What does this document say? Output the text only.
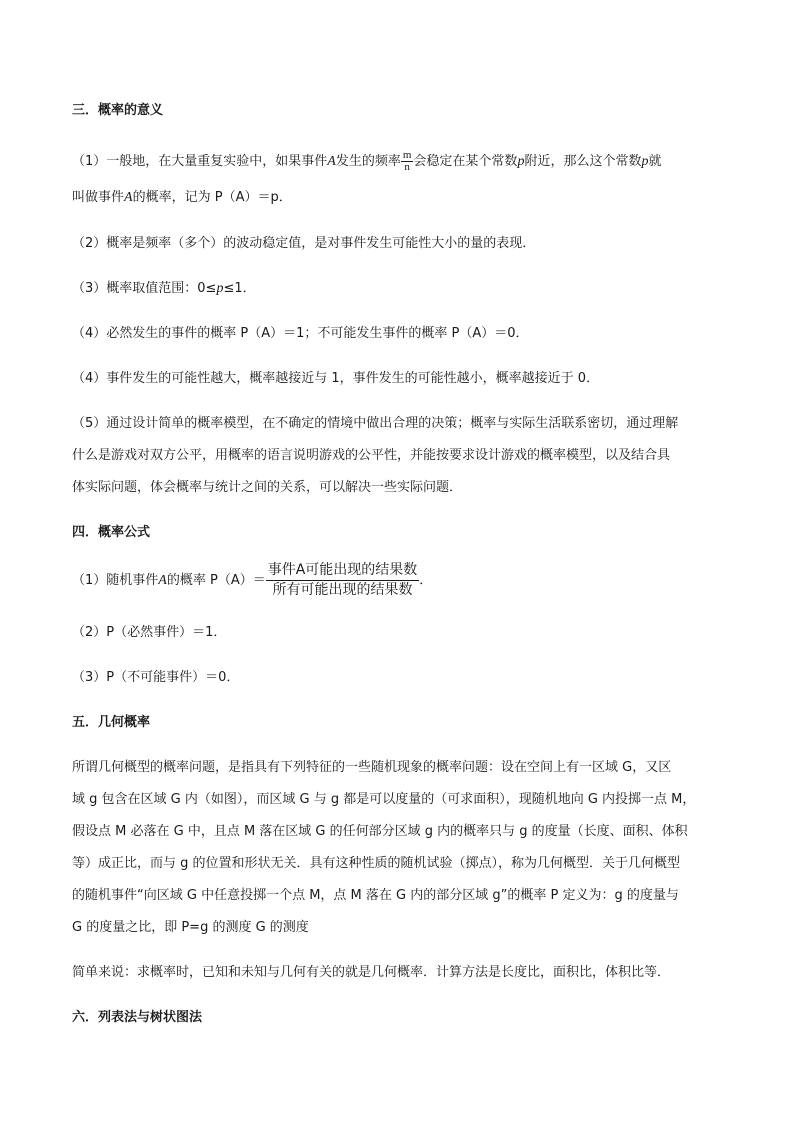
三．概率的意义
（1）一般地，在大量重复实验中，如果事件A发生的频率 $\frac{m}{n}$ 会稳定在某个常数p附近，那么这个常数p就
叫做事件A的概率，记为 P（A）＝p．
（2）概率是频率（多个）的波动稳定值，是对事件发生可能性大小的量的表现．
（3）概率取值范围：0≤p≤1．
（4）必然发生的事件的概率 P（A）＝1；不可能发生事件的概率 P（A）＝0．
（4）事件发生的可能性越大，概率越接近与 1，事件发生的可能性越小，概率越接近于 0．
（5）通过设计简单的概率模型，在不确定的情境中做出合理的决策；概率与实际生活联系密切，通过理解
什么是游戏对双方公平，用概率的语言说明游戏的公平性，并能按要求设计游戏的概率模型，以及结合具
体实际问题，体会概率与统计之间的关系，可以解决一些实际问题．
四．概率公式
（1）随机事件A的概率 $P(A)= \frac{\text{事件A可能出现的结果数}}{\text{所有可能出现的结果数}}$ ．
（2）P（必然事件）＝1．
（3）P（不可能事件）＝0．
五．几何概率
所谓几何概型的概率问题，是指具有下列特征的一些随机现象的概率问题：设在空间上有一区域 G，又区
域 g 包含在区域 G 内（如图），而区域 G 与 g 都是可以度量的（可求面积），现随机地向 G 内投掷一点 M，
假设点 M 必落在 G 中，且点 M 落在区域 G 的任何部分区域 g 内的概率只与 g 的度量（长度、面积、体积
等）成正比，而与 g 的位置和形状无关．具有这种性质的随机试验（掷点），称为几何概型．关于几何概型
的随机事件“向区域 G 中任意投掷一个点 M，点 M 落在 G 内的部分区域 g”的概率 P 定义为：g 的度量与
G 的度量之比，即 P=g 的测度 G 的测度
简单来说：求概率时，已知和未知与几何有关的就是几何概率．计算方法是长度比，面积比，体积比等．
六．列表法与树状图法
